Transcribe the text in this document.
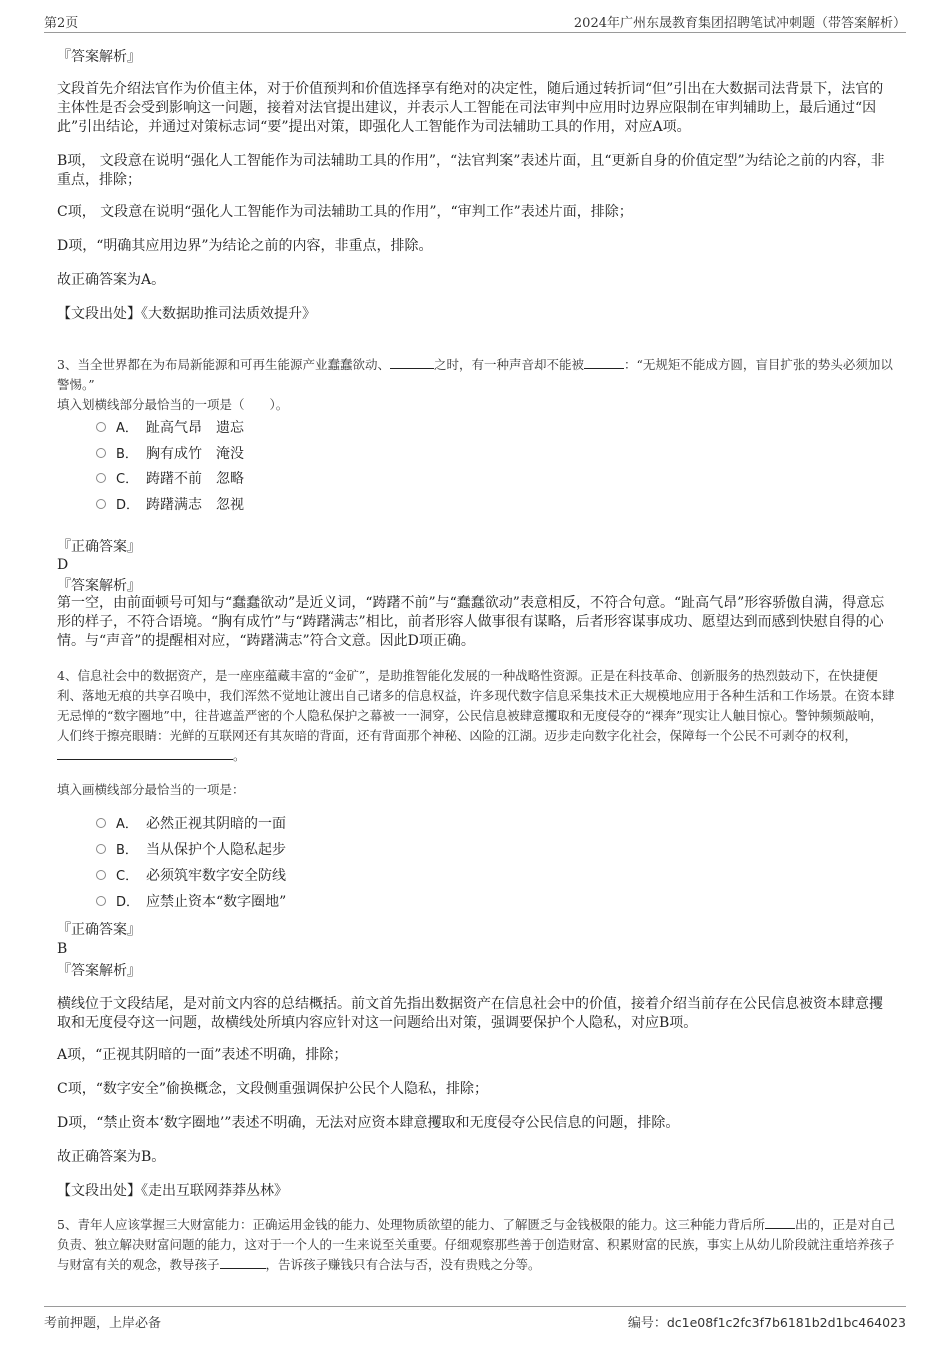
第2页	2024年广州东晟教育集团招聘笔试冲刺题（带答案解析）
『答案解析』
文段首先介绍法官作为价值主体，对于价值预判和价值选择享有绝对的决定性，随后通过转折词“但”引出在大数据司法背景下，法官的主体性是否会受到影响这一问题，接着对法官提出建议，并表示人工智能在司法审判中应用时边界应限制在审判辅助上，最后通过“因此”引出结论，并通过对策标志词“要”提出对策，即强化人工智能作为司法辅助工具的作用，对应A项。
B项， 文段意在说明“强化人工智能作为司法辅助工具的作用”，“法官判案”表述片面，且“更新自身的价值定型”为结论之前的内容，非重点，排除；
C项， 文段意在说明“强化人工智能作为司法辅助工具的作用”，“审判工作”表述片面，排除；
D项，“明确其应用边界”为结论之前的内容，非重点，排除。
故正确答案为A。
【文段出处】《大数据助推司法质效提升》
3、当全世界都在为布局新能源和可再生能源产业蠢蠢欲动、	之时，有一种声音却不能被	：“无规矩不能成方圆，盲目扩张的势头必须加以警惕。”
填入划横线部分最恰当的一项是（　　）。
A． 趾高气昂　遗忘
B． 胸有成竹　淹没
C． 踌躇不前　忽略
D． 踌躇满志　忽视
『正确答案』
D
『答案解析』
第一空，由前面顿号可知与“蠢蠢欲动”是近义词，“踌躇不前”与“蠢蠢欲动”表意相反，不符合句意。“趾高气昂”形容骄傲自满，得意忘形的样子，不符合语境。“胸有成竹”与“踌躇满志”相比，前者形容人做事很有谋略，后者形容谋事成功、愿望达到而感到快慰自得的心情。与“声音”的提醒相对应，“踌躇满志”符合文意。因此D项正确。
4、信息社会中的数据资产，是一座座蕴藏丰富的“金矿”，是助推智能化发展的一种战略性资源。正是在科技革命、创新服务的热烈鼓动下，在快捷便利、落地无痕的共享召唤中，我们浑然不觉地让渡出自己诸多的信息权益，许多现代数字信息采集技术正大规模地应用于各种生活和工作场景。在资本肆无忌惮的“数字圈地”中，往昔遮盖严密的个人隐私保护之幕被一一洞穿，公民信息被肆意攫取和无度侵夺的“裸奔”现实让人触目惊心。警钟频频敲响，人们终于擦亮眼睛：光鲜的互联网还有其灰暗的背面，还有背面那个神秘、凶险的江湖。迈步走向数字化社会，保障每一个公民不可剥夺的权利，。
填入画横线部分最恰当的一项是：
A． 必然正视其阴暗的一面
B． 当从保护个人隐私起步
C． 必须筑牢数字安全防线
D． 应禁止资本“数字圈地”
『正确答案』
B
『答案解析』
横线位于文段结尾，是对前文内容的总结概括。前文首先指出数据资产在信息社会中的价值，接着介绍当前存在公民信息被资本肆意攫取和无度侵夺这一问题，故横线处所填内容应针对这一问题给出对策，强调要保护个人隐私，对应B项。
A项，“正视其阴暗的一面”表述不明确，排除；
C项，“数字安全”偷换概念，文段侧重强调保护公民个人隐私，排除；
D项，“禁止资本‘数字圈地’”表述不明确，无法对应资本肆意攫取和无度侵夺公民信息的问题，排除。
故正确答案为B。
【文段出处】《走出互联网莽莽丛林》
5、青年人应该掌握三大财富能力：正确运用金钱的能力、处理物质欲望的能力、了解匮乏与金钱极限的能力。这三种能力背后所 出的，正是对自己负责、独立解决财富问题的能力，这对于一个人的一生来说至关重要。仔细观察那些善于创造财富、积累财富的民族，事实上从幼儿阶段就注重培养孩子与财富有关的观念，教导孩子	，告诉孩子赚钱只有合法与否，没有贵贱之分等。
考前押题，上岸必备	编号：dc1e08f1c2fc3f7b6181b2d1bc464023
